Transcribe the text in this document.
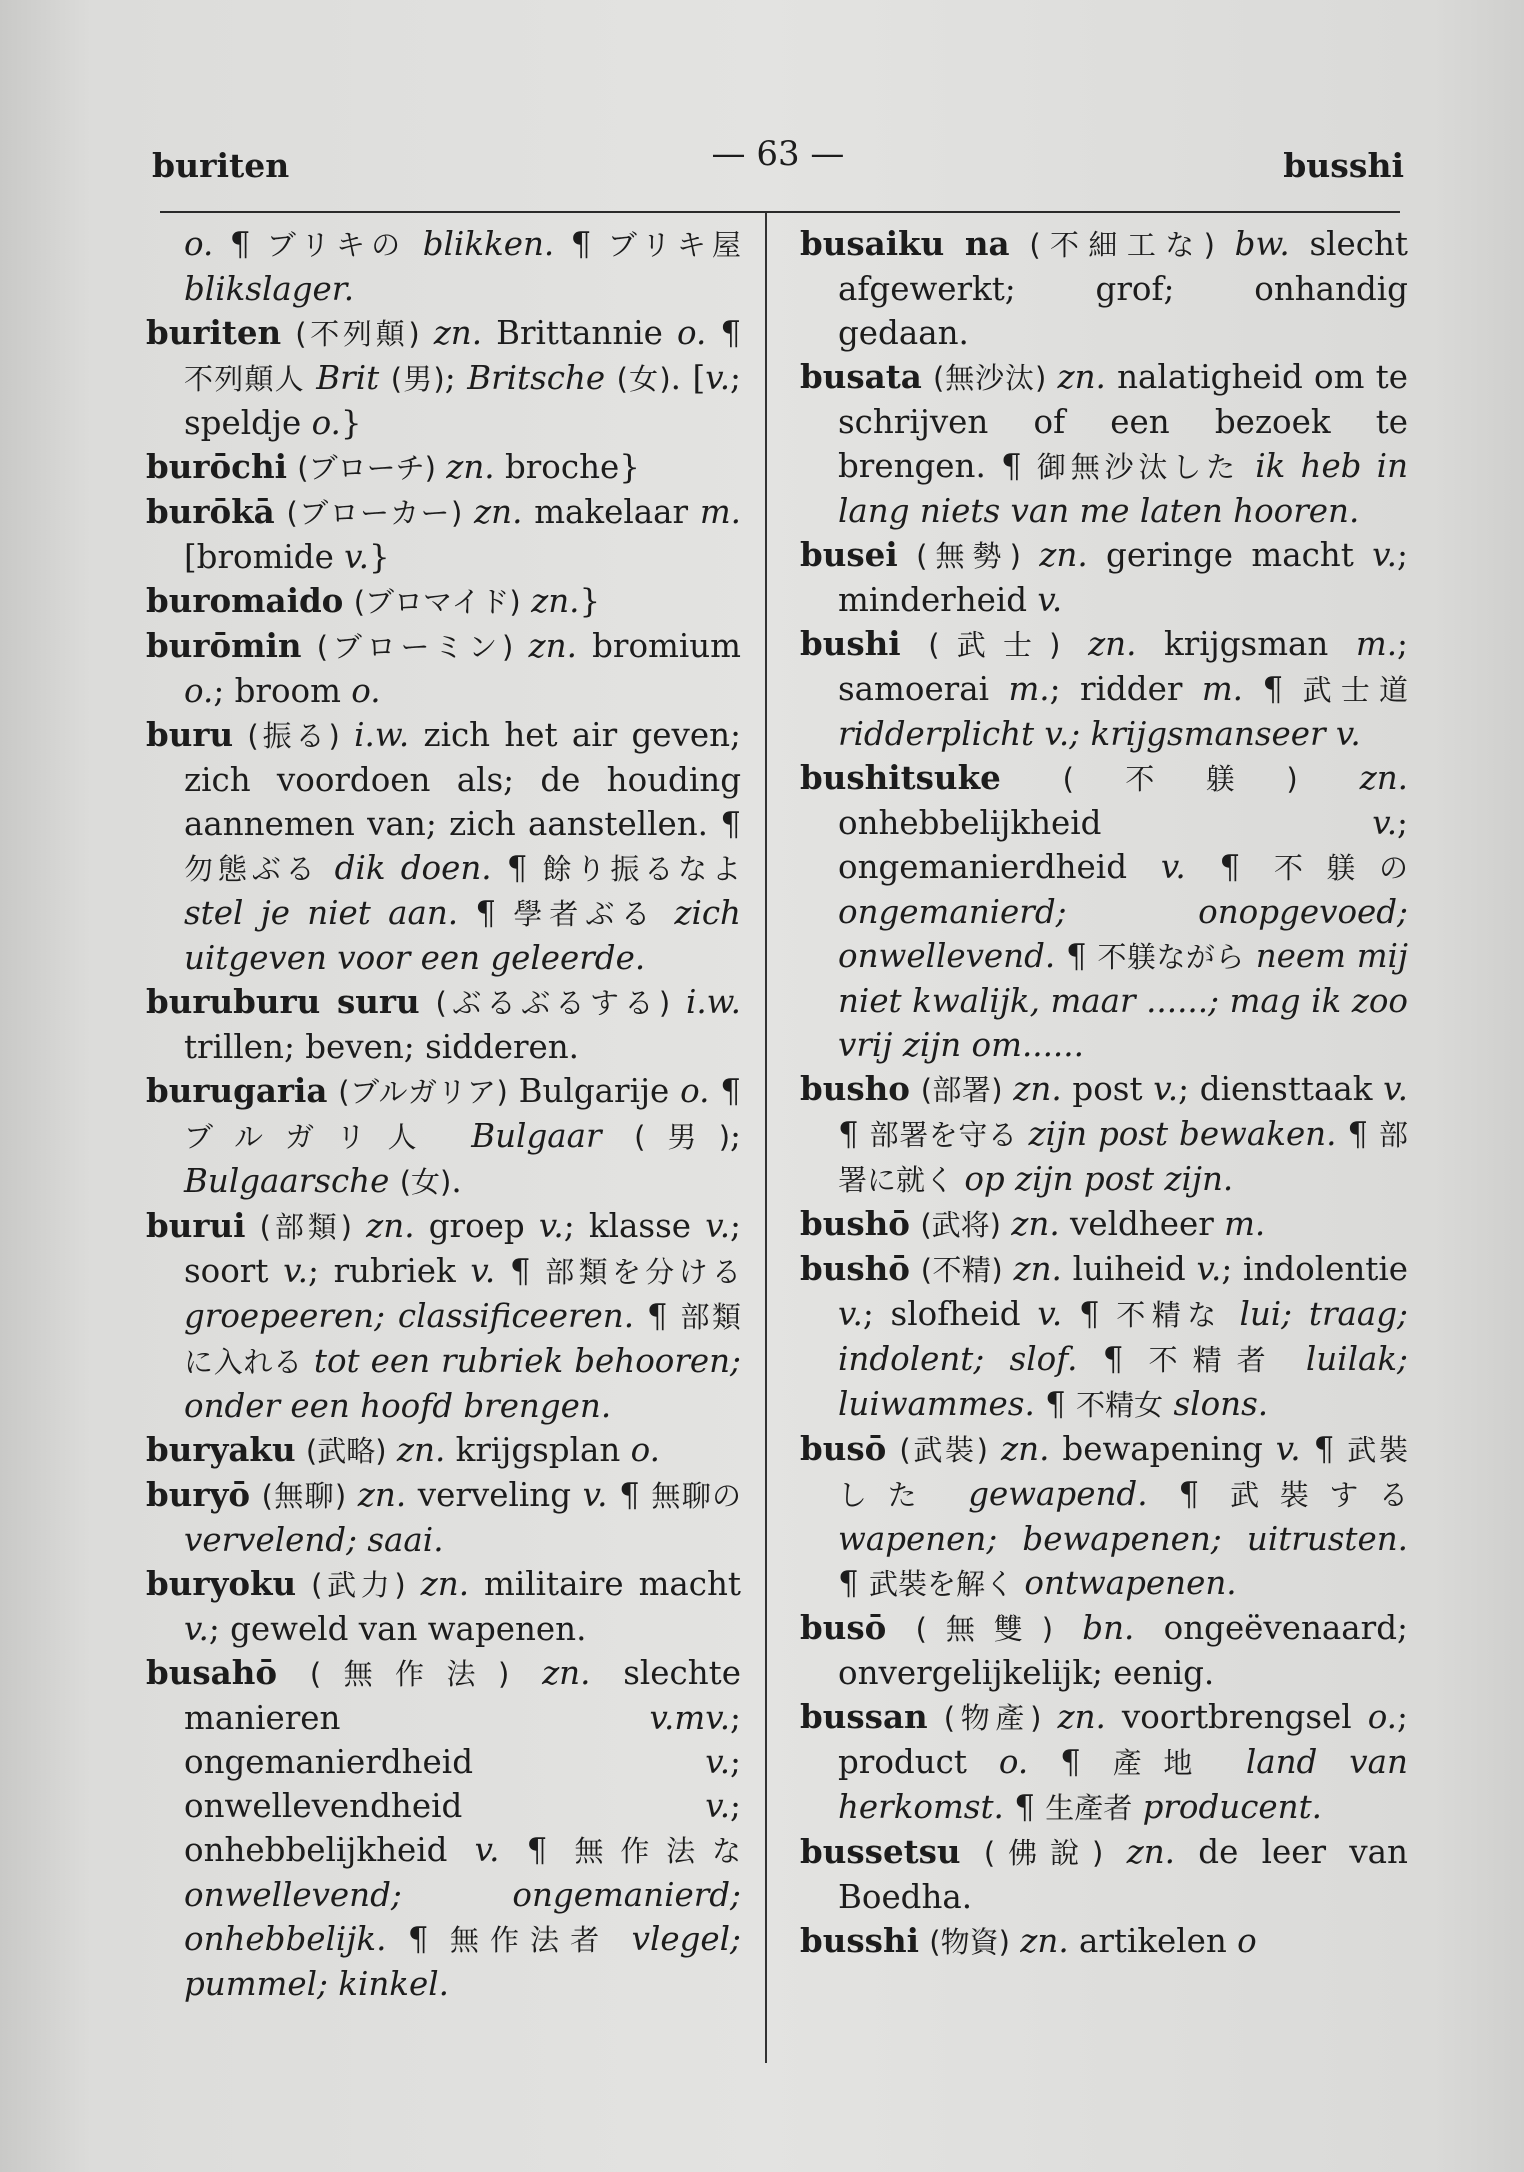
buriten	— 63 —	busshi

o. ¶ ブリキの blikken. ¶ ブリキ屋 blikslager.

buriten (不列顛) zn. Brittannie o. ¶ 不列顛人 Brit (男); Britsche (女). [v.; speldje o.}

burōchi (ブローチ) zn. broche}

burōkā (ブローカー) zn. makelaar m. [bromide v.}

buromaido (ブロマイド) zn.}

burōmin (ブローミン) zn. bromium o.; broom o.

buru (振る) i.w. zich het air geven; zich voordoen als; de houding aannemen van; zich aanstellen. ¶ 勿態ぶる dik doen. ¶ 餘り振るなよ stel je niet aan. ¶ 學者ぶる zich uitgeven voor een geleerde.

buruburu suru (ぶるぶるする) i.w. trillen; beven; sidderen.

burugaria (ブルガリア) Bulgarije o. ¶ ブルガリ人 Bulgaar (男); Bulgaarsche (女).

burui (部類) zn. groep v.; klasse v.; soort v.; rubriek v. ¶ 部類を分ける groepeeren; classificeeren. ¶ 部類に入れる tot een rubriek behooren; onder een hoofd brengen.

buryaku (武略) zn. krijgsplan o.

buryō (無聊) zn. verveling v. ¶ 無聊の vervelend; saai.

buryoku (武力) zn. militaire macht v.; geweld van wapenen.

busahō (無作法) zn. slechte manieren v.mv.; ongemanierdheid v.; onwellevendheid v.; onhebbelijkheid v. ¶ 無作法な onwellevend; ongemanierd; onhebbelijk. ¶ 無作法者 vlegel; pummel; kinkel.

busaiku na (不細工な) bw. slecht afgewerkt; grof; onhandig gedaan.

busata (無沙汰) zn. nalatigheid om te schrijven of een bezoek te brengen. ¶ 御無沙汰した ik heb in lang niets van me laten hooren.

busei (無勢) zn. geringe macht v.; minderheid v.

bushi (武士) zn. krijgsman m.; samoerai m.; ridder m. ¶ 武士道 ridderplicht v.; krijgsmanseer v.

bushitsuke (不躾) zn. onhebbelijkheid v.; ongemanierdheid v. ¶ 不躾の ongemanierd; onopgevoed; onwellevend. ¶ 不躾ながら neem mij niet kwalijk, maar ......; mag ik zoo vrij zijn om......

busho (部署) zn. post v.; diensttaak v. ¶ 部署を守る zijn post bewaken. ¶ 部署に就く op zijn post zijn.

bushō (武将) zn. veldheer m.

bushō (不精) zn. luiheid v.; indolentie v.; slofheid v. ¶ 不精な lui; traag; indolent; slof. ¶ 不精者 luilak; luiwammes. ¶ 不精女 slons.

busō (武裝) zn. bewapening v. ¶ 武裝した gewapend. ¶ 武裝する wapenen; bewapenen; uitrusten. ¶ 武裝を解く ontwapenen.

busō (無雙) bn. ongeëvenaard; onvergelijkelijk; eenig.

bussan (物產) zn. voortbrengsel o.; product o. ¶ 產地 land van herkomst. ¶ 生產者 producent.

bussetsu (佛說) zn. de leer van Boedha.

busshi (物資) zn. artikelen o
